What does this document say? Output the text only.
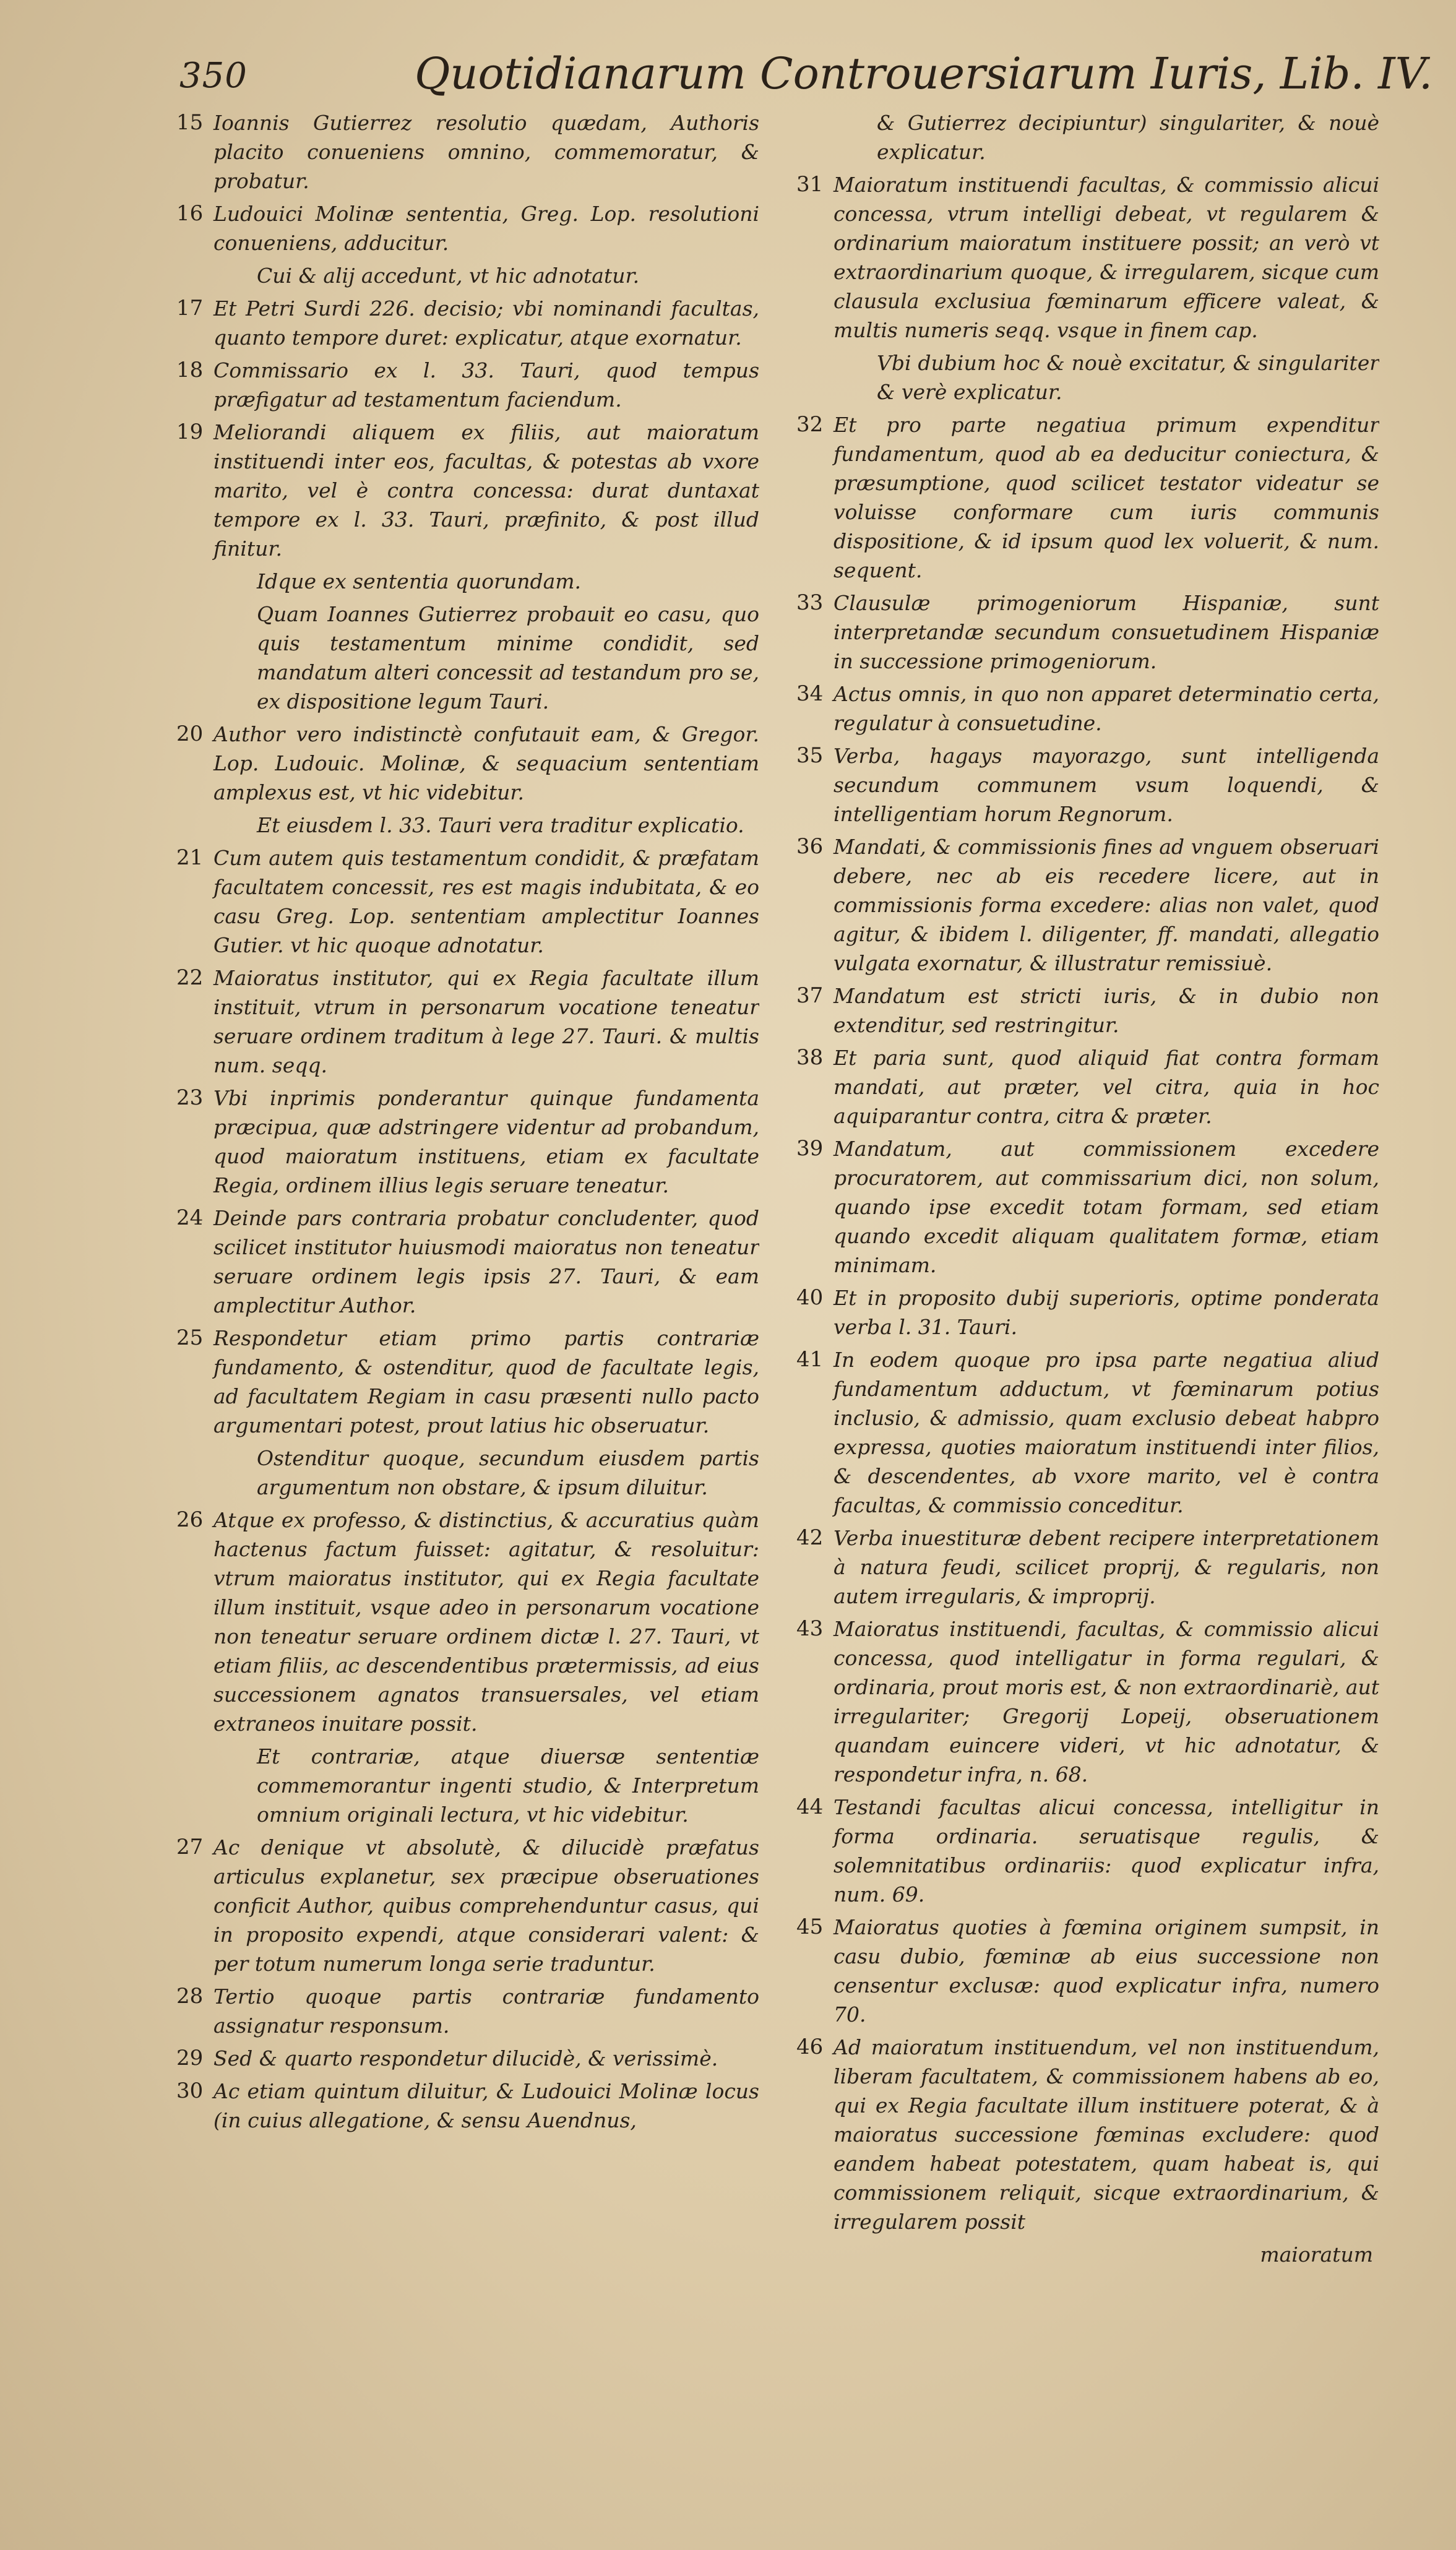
350	Quotidianarum Controuersiarum Iuris, Lib. IV.
15 Ioannis Gutierrez resolutio quædam, Authoris placito conueniens omnino, commemoratur, & probatur.
16 Ludouici Molinæ sententia, Greg. Lop. resolutioni conueniens, adducitur.
Cui & alij accedunt, vt hic adnotatur.
17 Et Petri Surdi 226. decisio; vbi nominandi facultas, quanto tempore duret: explicatur, atque exornatur.
18 Commissario ex l. 33. Tauri, quod tempus præfigatur ad testamentum faciendum.
19 Meliorandi aliquem ex filiis, aut maioratum instituendi inter eos, facultas, & potestas ab vxore marito, vel è contra concessa: durat duntaxat tempore ex l. 33. Tauri, præfinito, & post illud finitur.
Idque ex sententia quorundam.
Quam Ioannes Gutierrez probauit eo casu, quo quis testamentum minime condidit, sed mandatum alteri concessit ad testandum pro se, ex dispositione legum Tauri.
20 Author vero indistinctè confutauit eam, & Gregor. Lop. Ludouic. Molinæ, & sequacium sententiam amplexus est, vt hic videbitur.
Et eiusdem l. 33. Tauri vera traditur explicatio.
21 Cum autem quis testamentum condidit, & præfatam facultatem concessit, res est magis indubitata, & eo casu Greg. Lop. sententiam amplectitur Ioannes Gutier. vt hic quoque adnotatur.
22 Maioratus institutor, qui ex Regia facultate illum instituit, vtrum in personarum vocatione teneatur seruare ordinem traditum à lege 27. Tauri. & multis num. seqq.
23 Vbi inprimis ponderantur quinque fundamenta præcipua, quæ adstringere videntur ad probandum, quod maioratum instituens, etiam ex facultate Regia, ordinem illius legis seruare teneatur.
24 Deinde pars contraria probatur concludenter, quod scilicet institutor huiusmodi maioratus non teneatur seruare ordinem legis ipsis 27. Tauri, & eam amplectitur Author.
25 Respondetur etiam primo partis contrariæ fundamento, & ostenditur, quod de facultate legis, ad facultatem Regiam in casu præsenti nullo pacto argumentari potest, prout latius hic obseruatur.
Ostenditur quoque, secundum eiusdem partis argumentum non obstare, & ipsum diluitur.
26 Atque ex professo, & distinctius, & accuratius quàm hactenus factum fuisset: agitatur, & resoluitur: vtrum maioratus institutor, qui ex Regia facultate illum instituit, vsque adeo in personarum vocatione non teneatur seruare ordinem dictæ l. 27. Tauri, vt etiam filiis, ac descendentibus prætermissis, ad eius successionem agnatos transuersales, vel etiam extraneos inuitare possit.
Et contrariæ, atque diuersæ sententiæ commemorantur ingenti studio, & Interpretum omnium originali lectura, vt hic videbitur.
27 Ac denique vt absolutè, & dilucidè præfatus articulus explanetur, sex præcipue obseruationes conficit Author, quibus comprehenduntur casus, qui in proposito expendi, atque considerari valent: & per totum numerum longa serie traduntur.
28 Tertio quoque partis contrariæ fundamento assignatur responsum.
29 Sed & quarto respondetur dilucidè, & verissimè.
30 Ac etiam quintum diluitur, & Ludouici Molinæ locus (in cuius allegatione, & sensu Auendnus,
& Gutierrez decipiuntur) singulariter, & nouè explicatur.
31 Maioratum instituendi facultas, & commissio alicui concessa, vtrum intelligi debeat, vt regularem & ordinarium maioratum instituere possit; an verò vt extraordinarium quoque, & irregularem, sicque cum clausula exclusiua fœminarum efficere valeat, & multis numeris seqq. vsque in finem cap.
Vbi dubium hoc & nouè excitatur, & singulariter & verè explicatur.
32 Et pro parte negatiua primum expenditur fundamentum, quod ab ea deducitur coniectura, & præsumptione, quod scilicet testator videatur se voluisse conformare cum iuris communis dispositione, & id ipsum quod lex voluerit, & num. sequent.
33 Clausulæ primogeniorum Hispaniæ, sunt interpretandæ secundum consuetudinem Hispaniæ in successione primogeniorum.
34 Actus omnis, in quo non apparet determinatio certa, regulatur à consuetudine.
35 Verba, hagays mayorazgo, sunt intelligenda secundum communem vsum loquendi, & intelligentiam horum Regnorum.
36 Mandati, & commissionis fines ad vnguem obseruari debere, nec ab eis recedere licere, aut in commissionis forma excedere: alias non valet, quod agitur, & ibidem l. diligenter, ff. mandati, allegatio vulgata exornatur, & illustratur remissiuè.
37 Mandatum est stricti iuris, & in dubio non extenditur, sed restringitur.
38 Et paria sunt, quod aliquid fiat contra formam mandati, aut præter, vel citra, quia in hoc aquiparantur contra, citra & præter.
39 Mandatum, aut commissionem excedere procuratorem, aut commissarium dici, non solum, quando ipse excedit totam formam, sed etiam quando excedit aliquam qualitatem formæ, etiam minimam.
40 Et in proposito dubij superioris, optime ponderata verba l. 31. Tauri.
41 In eodem quoque pro ipsa parte negatiua aliud fundamentum adductum, vt fœminarum potius inclusio, & admissio, quam exclusio debeat habpro expressa, quoties maioratum instituendi inter filios, & descendentes, ab vxore marito, vel è contra facultas, & commissio conceditur.
42 Verba inuestituræ debent recipere interpretationem à natura feudi, scilicet proprij, & regularis, non autem irregularis, & improprij.
43 Maioratus instituendi, facultas, & commissio alicui concessa, quod intelligatur in forma regulari, & ordinaria, prout moris est, & non extraordinariè, aut irregulariter; Gregorij Lopeij, obseruationem quandam euincere videri, vt hic adnotatur, & respondetur infra, n. 68.
44 Testandi facultas alicui concessa, intelligitur in forma ordinaria. seruatisque regulis, & solemnitatibus ordinariis: quod explicatur infra, num. 69.
45 Maioratus quoties à fœmina originem sumpsit, in casu dubio, fœminæ ab eius successione non censentur exclusæ: quod explicatur infra, numero 70.
46 Ad maioratum instituendum, vel non instituendum, liberam facultatem, & commissionem habens ab eo, qui ex Regia facultate illum instituere poterat, & à maioratus successione fœminas excludere: quod eandem habeat potestatem, quam habeat is, qui commissionem reliquit, sicque extraordinarium, & irregularem possit
maioratum
